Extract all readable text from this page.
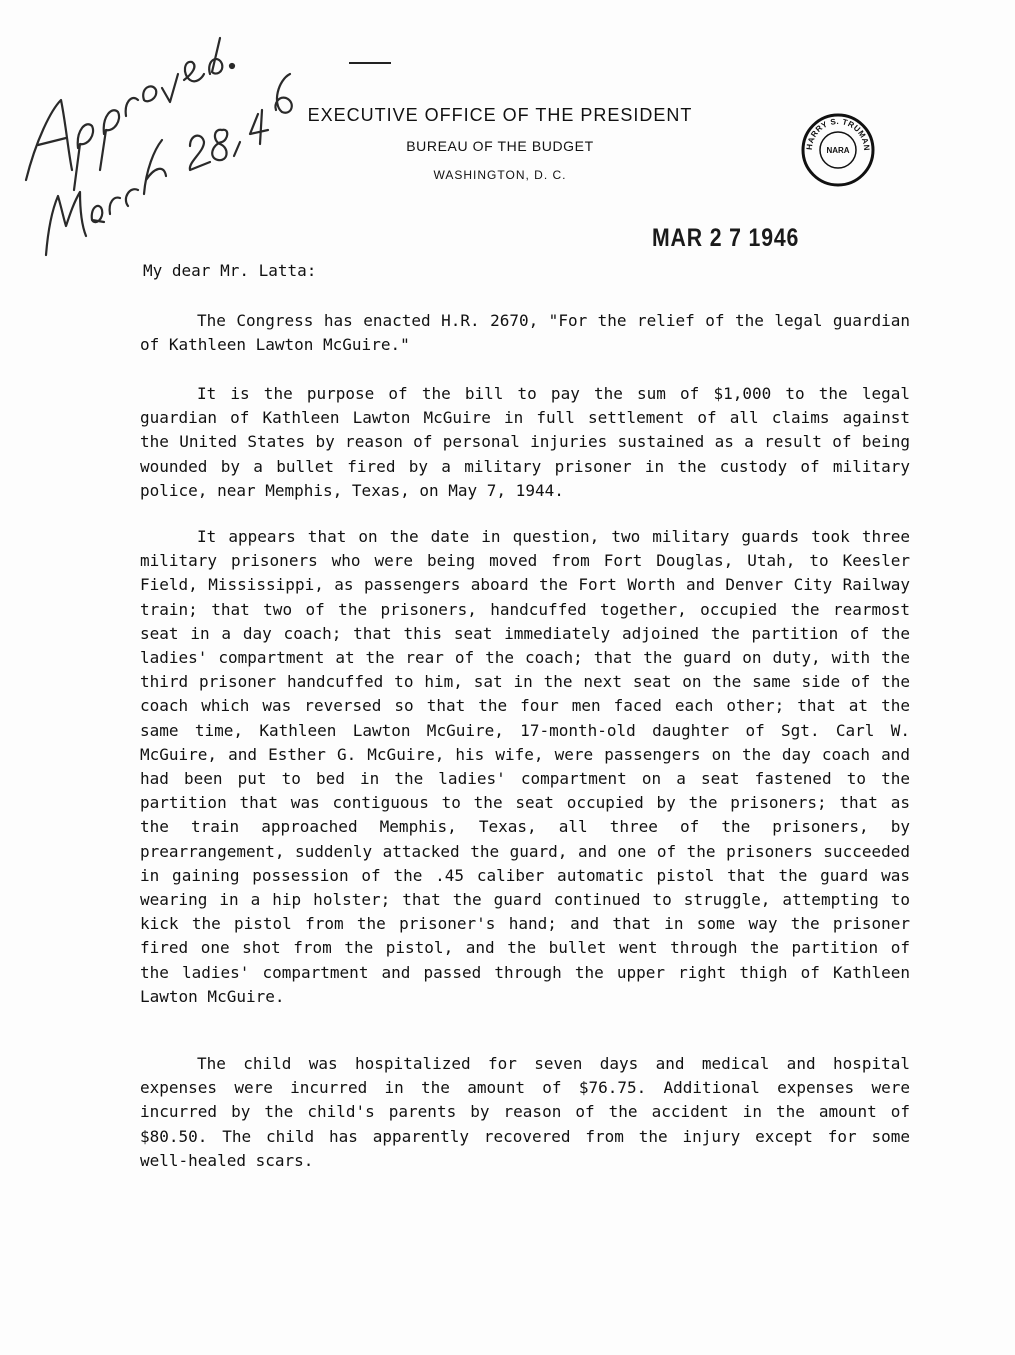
EXECUTIVE OFFICE OF THE PRESIDENT

BUREAU OF THE BUDGET

WASHINGTON, D. C.

HARRY S. TRUMAN
NARA
MAR 2 7 1946

My dear Mr. Latta:

The Congress has enacted H.R. 2670, "For the relief of the legal guardian of Kathleen Lawton McGuire."

It is the purpose of the bill to pay the sum of $1,000 to the legal guardian of Kathleen Lawton McGuire in full settlement of all claims against the United States by reason of personal injuries sustained as a result of being wounded by a bullet fired by a military prisoner in the custody of military police, near Memphis, Texas, on May 7, 1944.

It appears that on the date in question, two military guards took three military prisoners who were being moved from Fort Douglas, Utah, to Keesler Field, Mississippi, as passengers aboard the Fort Worth and Denver City Railway train; that two of the prisoners, handcuffed together, occupied the rearmost seat in a day coach; that this seat immediately adjoined the partition of the ladies' compartment at the rear of the coach; that the guard on duty, with the third prisoner handcuffed to him, sat in the next seat on the same side of the coach which was reversed so that the four men faced each other; that at the same time, Kathleen Lawton McGuire, 17-month-old daughter of Sgt. Carl W. McGuire, and Esther G. McGuire, his wife, were passengers on the day coach and had been put to bed in the ladies' compartment on a seat fastened to the partition that was contiguous to the seat occupied by the prisoners; that as the train approached Memphis, Texas, all three of the prisoners, by prearrangement, suddenly attacked the guard, and one of the prisoners succeeded in gaining possession of the .45 caliber automatic pistol that the guard was wearing in a hip holster; that the guard continued to struggle, attempting to kick the pistol from the prisoner's hand; and that in some way the prisoner fired one shot from the pistol, and the bullet went through the partition of the ladies' compartment and passed through the upper right thigh of Kathleen Lawton McGuire.

The child was hospitalized for seven days and medical and hospital expenses were incurred in the amount of $76.75. Additional expenses were incurred by the child's parents by reason of the accident in the amount of $80.50. The child has apparently recovered from the injury except for some well-healed scars.
